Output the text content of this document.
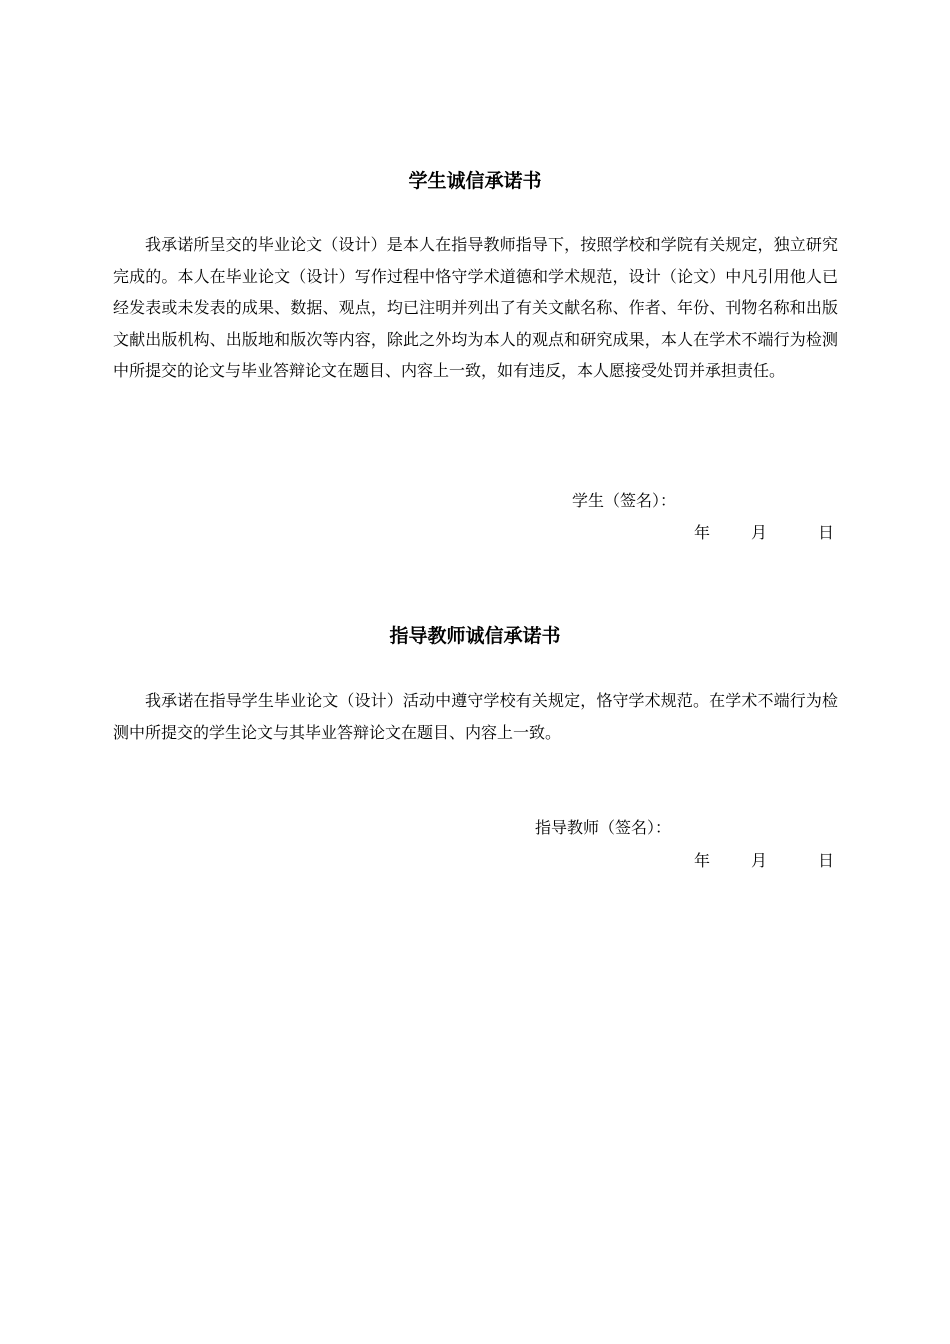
学生诚信承诺书

我承诺所呈交的毕业论文（设计）是本人在指导教师指导下，按照学校和学院有关规定，独立研究完成的。本人在毕业论文（设计）写作过程中恪守学术道德和学术规范，设计（论文）中凡引用他人已经发表或未发表的成果、数据、观点，均已注明并列出了有关文献名称、作者、年份、刊物名称和出版文献出版机构、出版地和版次等内容，除此之外均为本人的观点和研究成果，本人在学术不端行为检测中所提交的论文与毕业答辩论文在题目、内容上一致，如有违反，本人愿接受处罚并承担责任。

学生（签名）：
年	月	日
指导教师诚信承诺书

我承诺在指导学生毕业论文（设计）活动中遵守学校有关规定，恪守学术规范。在学术不端行为检测中所提交的学生论文与其毕业答辩论文在题目、内容上一致。

指导教师（签名）：
年	月	日
